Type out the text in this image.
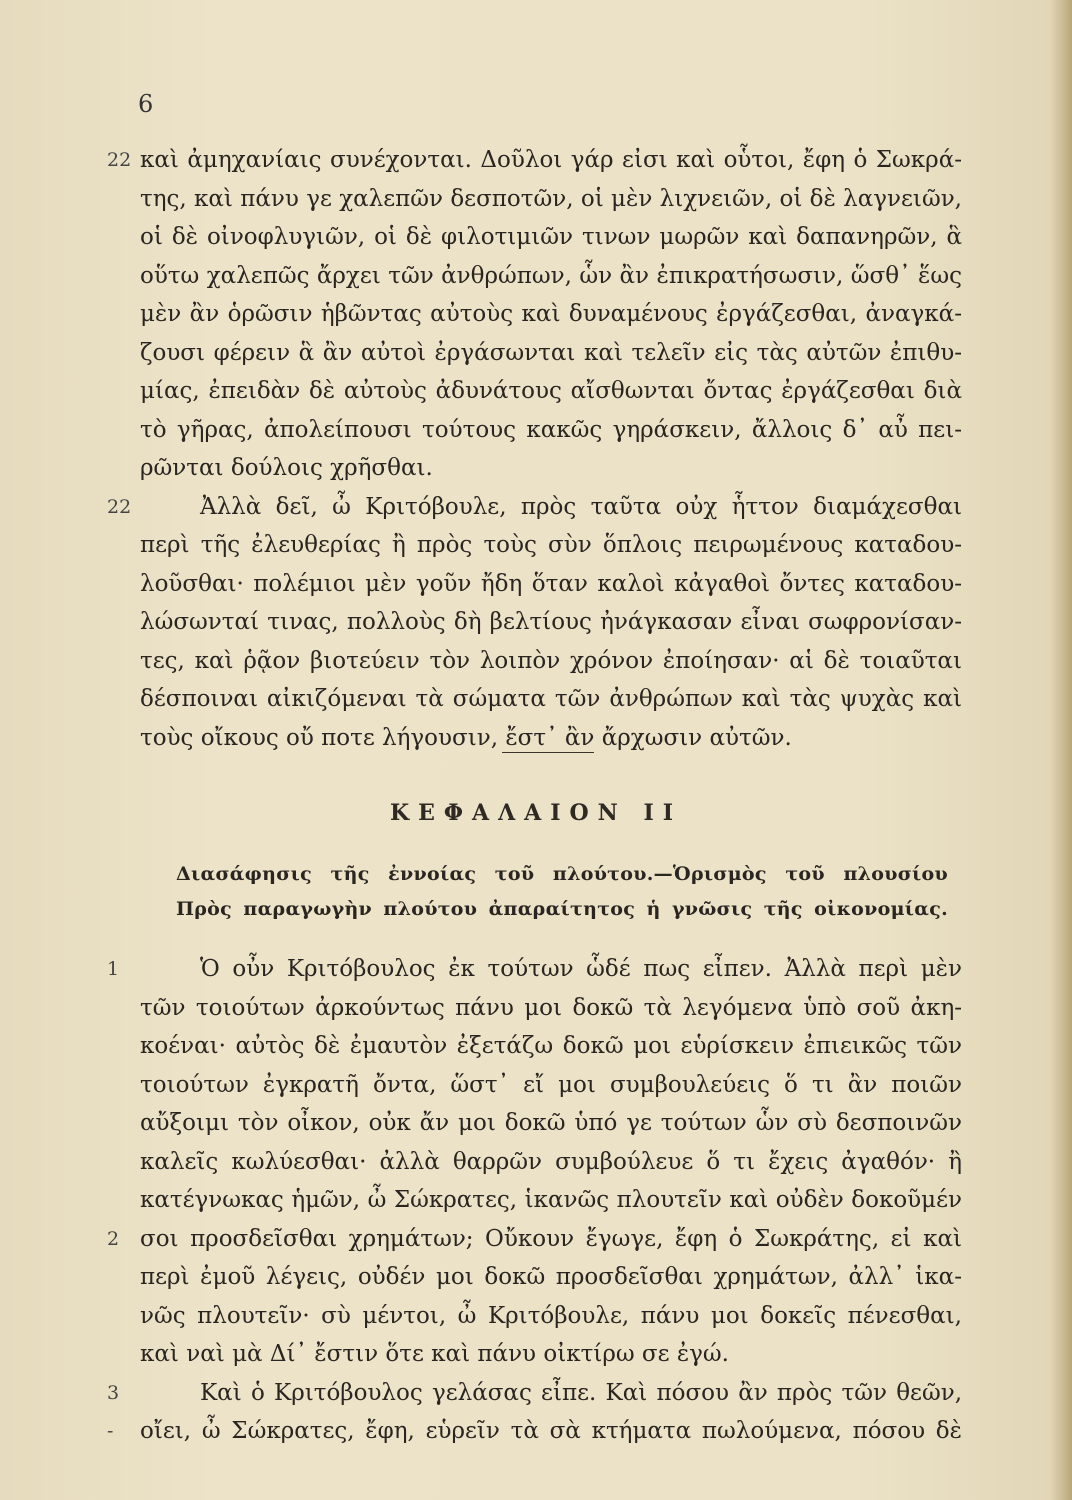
6
22 καὶ ἀμηχανίαις συνέχονται. Δοῦλοι γάρ εἰσι καὶ οὗτοι, ἔφη ὁ Σωκρά-
της, καὶ πάνυ γε χαλεπῶν δεσποτῶν, οἱ μὲν λιχνειῶν, οἱ δὲ λαγνειῶν,
οἱ δὲ οἰνοφλυγιῶν, οἱ δὲ φιλοτιμιῶν τινων μωρῶν καὶ δαπανηρῶν, ἃ
οὕτω χαλεπῶς ἄρχει τῶν ἀνθρώπων, ὧν ἂν ἐπικρατήσωσιν, ὥσθ᾿ ἕως
μὲν ἂν ὁρῶσιν ἡβῶντας αὐτοὺς καὶ δυναμένους ἐργάζεσθαι, ἀναγκά-
ζουσι φέρειν ἃ ἂν αὐτοὶ ἐργάσωνται καὶ τελεῖν εἰς τὰς αὐτῶν ἐπιθυ-
μίας, ἐπειδὰν δὲ αὐτοὺς ἀδυνάτους αἴσθωνται ὄντας ἐργάζεσθαι διὰ
τὸ γῆρας, ἀπολείπουσι τούτους κακῶς γηράσκειν, ἄλλοις δ᾿ αὖ πει-
ρῶνται δούλοις χρῆσθαι.
22	Ἀλλὰ δεῖ, ὦ Κριτόβουλε, πρὸς ταῦτα οὐχ ἧττον διαμάχεσθαι
περὶ τῆς ἐλευθερίας ἢ πρὸς τοὺς σὺν ὅπλοις πειρωμένους καταδου-
λοῦσθαι· πολέμιοι μὲν γοῦν ἤδη ὅταν καλοὶ κἀγαθοὶ ὄντες καταδου-
λώσωνταί τινας, πολλοὺς δὴ βελτίους ἠνάγκασαν εἶναι σωφρονίσαν-
τες, καὶ ῥᾷον βιοτεύειν τὸν λοιπὸν χρόνον ἐποίησαν· αἱ δὲ τοιαῦται
δέσποιναι αἰκιζόμεναι τὰ σώματα τῶν ἀνθρώπων καὶ τὰς ψυχὰς καὶ
τοὺς οἴκους οὔ ποτε λήγουσιν, ἔστ᾿ ἂν ἄρχωσιν αὐτῶν.
ΚΕΦΑΛΑΙΟΝ ΙΙ
Διασάφησις τῆς ἐννοίας τοῦ πλούτου.—Ὁρισμὸς τοῦ πλουσίου
Πρὸς παραγωγὴν πλούτου ἀπαραίτητος ἡ γνῶσις τῆς οἰκονομίας.
1	Ὁ οὖν Κριτόβουλος ἐκ τούτων ὧδέ πως εἶπεν. Ἀλλὰ περὶ μὲν
τῶν τοιούτων ἀρκούντως πάνυ μοι δοκῶ τὰ λεγόμενα ὑπὸ σοῦ ἀκη-
κοέναι· αὐτὸς δὲ ἐμαυτὸν ἐξετάζω δοκῶ μοι εὑρίσκειν ἐπιεικῶς τῶν
τοιούτων ἐγκρατῆ ὄντα, ὥστ᾿ εἴ μοι συμβουλεύεις ὅ τι ἂν ποιῶν
αὔξοιμι τὸν οἶκον, οὐκ ἄν μοι δοκῶ ὑπό γε τούτων ὧν σὺ δεσποινῶν
καλεῖς κωλύεσθαι· ἀλλὰ θαρρῶν συμβούλευε ὅ τι ἔχεις ἀγαθόν· ἢ
κατέγνωκας ἡμῶν, ὦ Σώκρατες, ἱκανῶς πλουτεῖν καὶ οὐδὲν δοκοῦμέν
2 σοι προσδεῖσθαι χρημάτων; Οὔκουν ἔγωγε, ἔφη ὁ Σωκράτης, εἰ καὶ
περὶ ἐμοῦ λέγεις, οὐδέν μοι δοκῶ προσδεῖσθαι χρημάτων, ἀλλ᾿ ἱκα-
νῶς πλουτεῖν· σὺ μέντοι, ὦ Κριτόβουλε, πάνυ μοι δοκεῖς πένεσθαι,
καὶ ναὶ μὰ Δί᾿ ἔστιν ὅτε καὶ πάνυ οἰκτίρω σε ἐγώ.
3	Καὶ ὁ Κριτόβουλος γελάσας εἶπε. Καὶ πόσου ἂν πρὸς τῶν θεῶν,
- οἴει, ὦ Σώκρατες, ἔφη, εὑρεῖν τὰ σὰ κτήματα πωλούμενα, πόσου δὲ
